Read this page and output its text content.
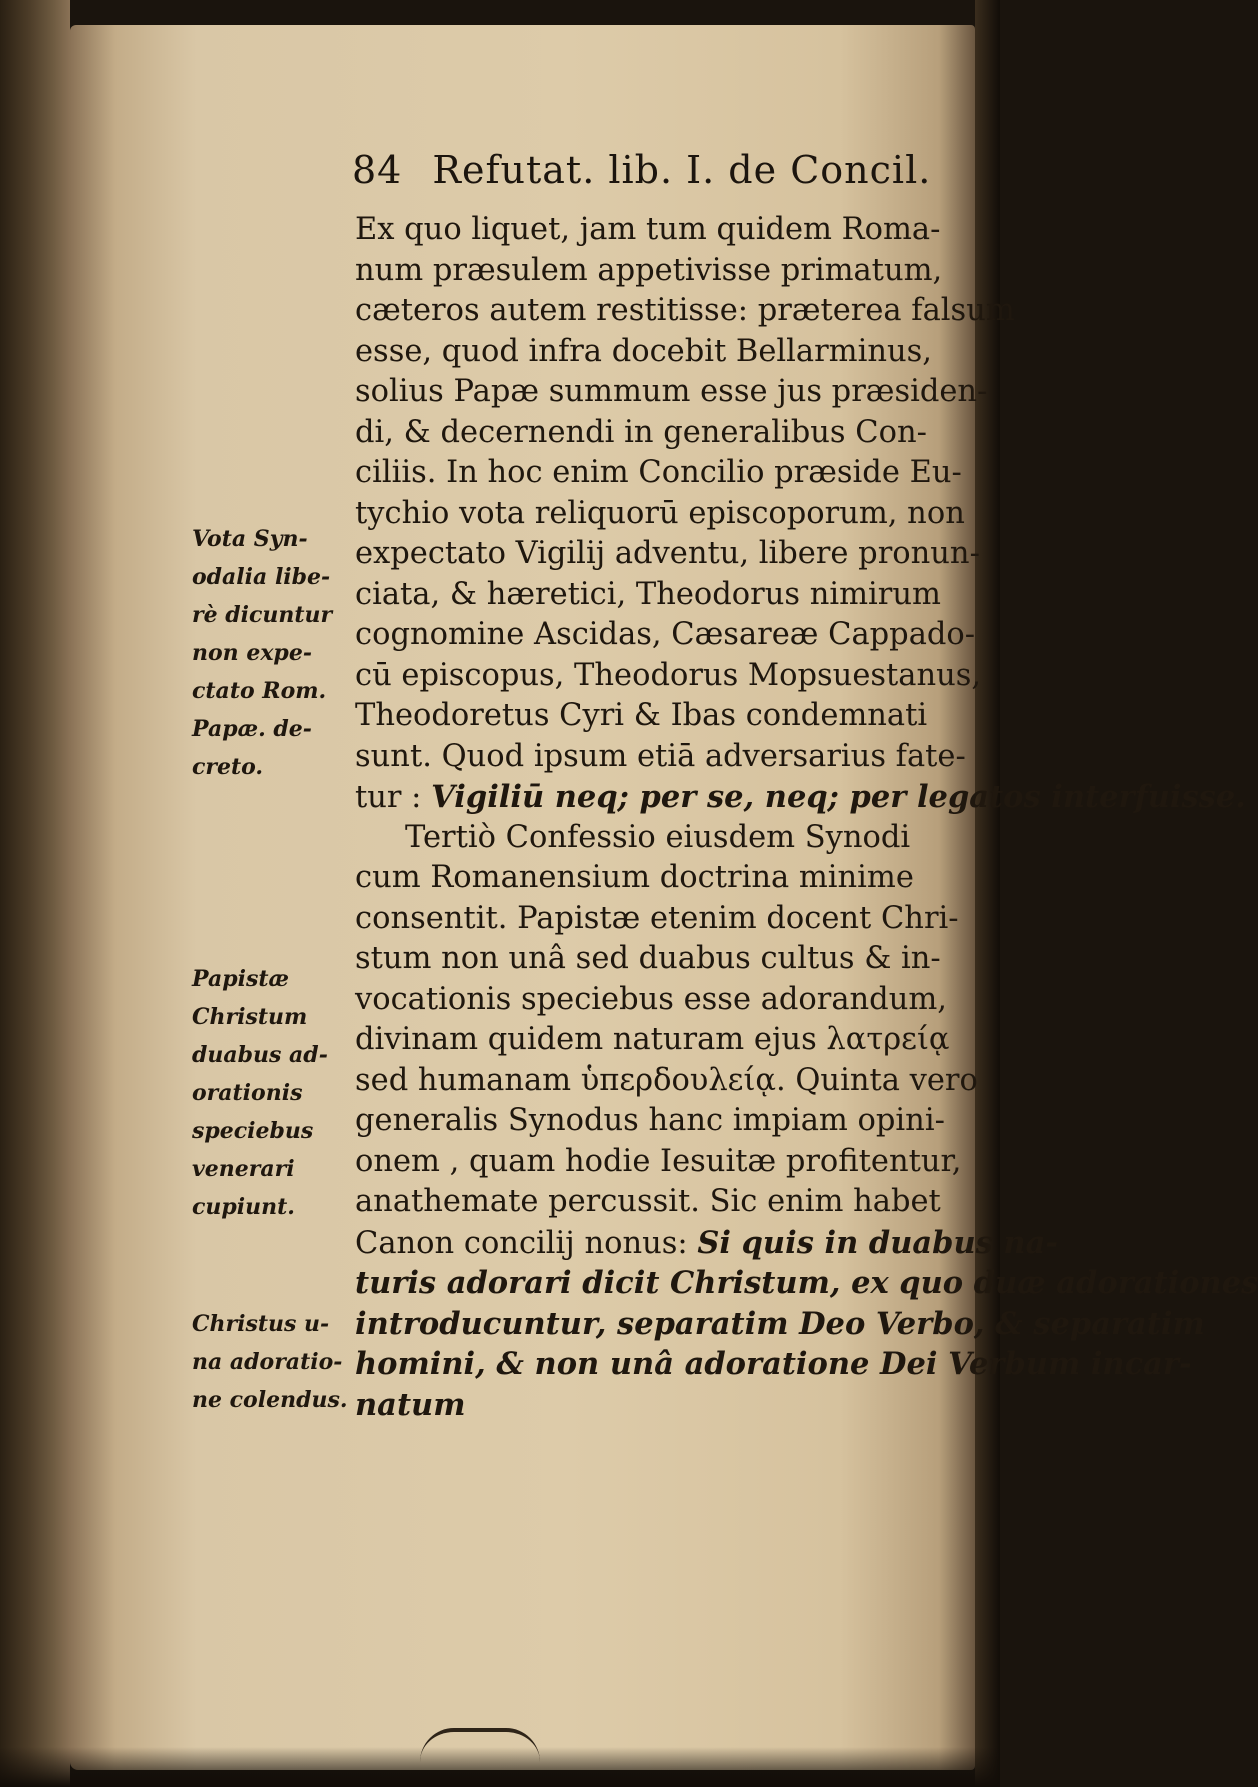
84 Refutat. lib. I. de Concil.
Ex quo liquet, jam tum quidem Roma-
num præsulem appetivisse primatum,
cæteros autem restitisse: præterea falsum
esse, quod infra docebit Bellarminus,
solius Papæ summum esse jus præsiden-
di, & decernendi in generalibus Con-
ciliis. In hoc enim Concilio præside Eu-
tychio vota reliquorū episcoporum, non
expectato Vigilij adventu, libere pronun-
ciata, & hæretici, Theodorus nimirum
cognomine Ascidas, Cæsareæ Cappado-
cū episcopus, Theodorus Mopsuestanus,
Theodoretus Cyri & Ibas condemnati
sunt. Quod ipsum etiā adversarius fate-
tur : Vigiliū neq; per se, neq; per legatos interfuisse.
Tertiò Confessio eiusdem Synodi
cum Romanensium doctrina minime
consentit. Papistæ etenim docent Chri-
stum non unâ sed duabus cultus & in-
vocationis speciebus esse adorandum,
divinam quidem naturam ejus λατρείᾳ
sed humanam ὑπερδουλείᾳ. Quinta vero
generalis Synodus hanc impiam opini-
onem , quam hodie Iesuitæ profitentur,
anathemate percussit. Sic enim habet
Canon concilij nonus: Si quis in duabus na-
turis adorari dicit Christum, ex quo duæ adorationes
introducuntur, separatim Deo Verbo, & separatim
homini, & non unâ adoratione Dei Verbum incar-
natum
Vota Syn-
odalia libe-
rè dicuntur
non expe-
ctato Rom.
Papæ. de-
creto.
Papistæ
Christum
duabus ad-
orationis
speciebus
venerari
cupiunt.
Christus u-
na adoratio-
ne colendus.
